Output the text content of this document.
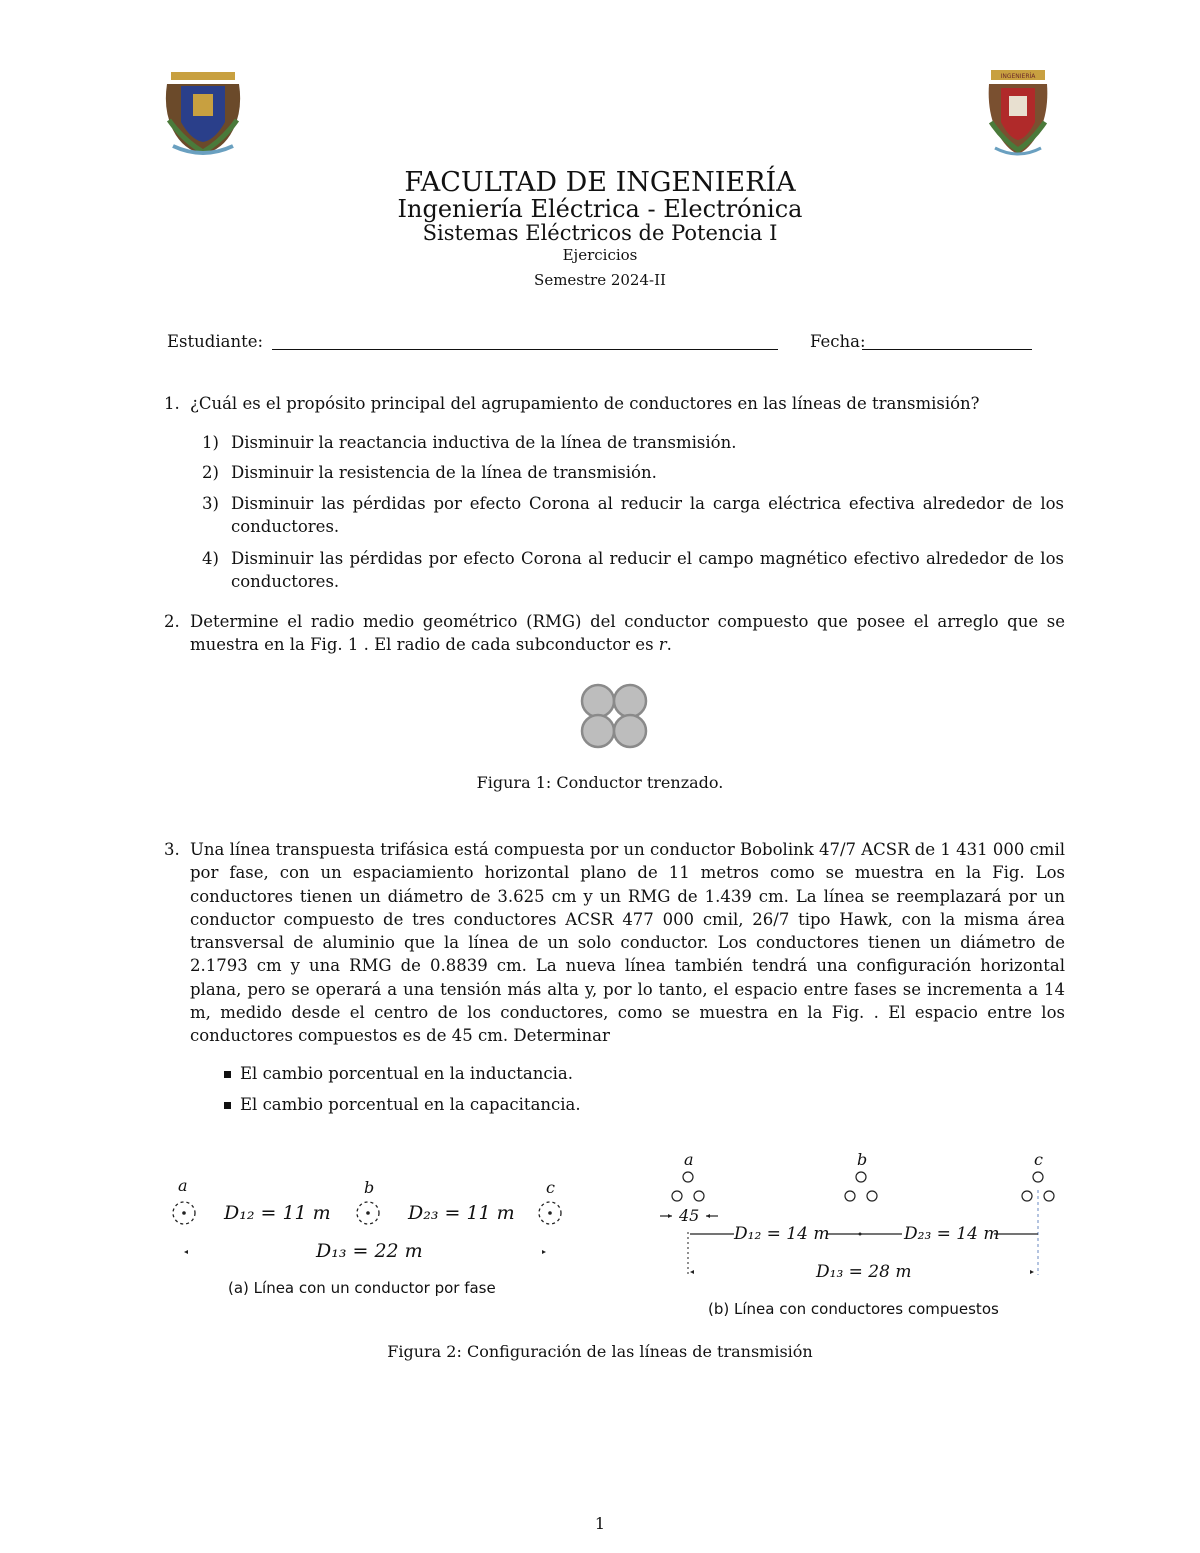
INGENIERÍA
FACULTAD DE INGENIERÍA
Ingeniería Eléctrica - Electrónica
Sistemas Eléctricos de Potencia I
Ejercicios
Semestre 2024-II
Estudiante:	Fecha:
1. ¿Cuál es el propósito principal del agrupamiento de conductores en las líneas de transmisión?
1) Disminuir la reactancia inductiva de la línea de transmisión.
2) Disminuir la resistencia de la línea de transmisión.
3) Disminuir las pérdidas por efecto Corona al reducir la carga eléctrica efectiva alrededor de los conductores.
4) Disminuir las pérdidas por efecto Corona al reducir el campo magnético efectivo alrededor de los conductores.
2. Determine el radio medio geométrico (RMG) del conductor compuesto que posee el arreglo que se muestra en la Fig. 1 . El radio de cada subconductor es r.
Figura 1: Conductor trenzado.
3. Una línea transpuesta trifásica está compuesta por un conductor Bobolink 47/7 ACSR de 1 431 000 cmil por fase, con un espaciamiento horizontal plano de 11 metros como se muestra en la Fig. Los conductores tienen un diámetro de 3.625 cm y un RMG de 1.439 cm. La línea se reemplazará por un conductor compuesto de tres conductores ACSR 477 000 cmil, 26/7 tipo Hawk, con la misma área transversal de aluminio que la línea de un solo conductor. Los conductores tienen un diámetro de 2.1793 cm y una RMG de 0.8839 cm. La nueva línea también tendrá una configuración horizontal plana, pero se operará a una tensión más alta y, por lo tanto, el espacio entre fases se incrementa a 14 m, medido desde el centro de los conductores, como se muestra en la Fig. . El espacio entre los conductores compuestos es de 45 cm. Determinar
El cambio porcentual en la inductancia.
El cambio porcentual en la capacitancia.
a	b	c
D₁₂ = 11 m	D₂₃ = 11 m
D₁₃ = 22 m
(a) Línea con un conductor por fase
a	b	c
45
D₁₂ = 14 m	D₂₃ = 14 m
D₁₃ = 28 m
(b) Línea con conductores compuestos
Figura 2: Configuración de las líneas de transmisión
1
